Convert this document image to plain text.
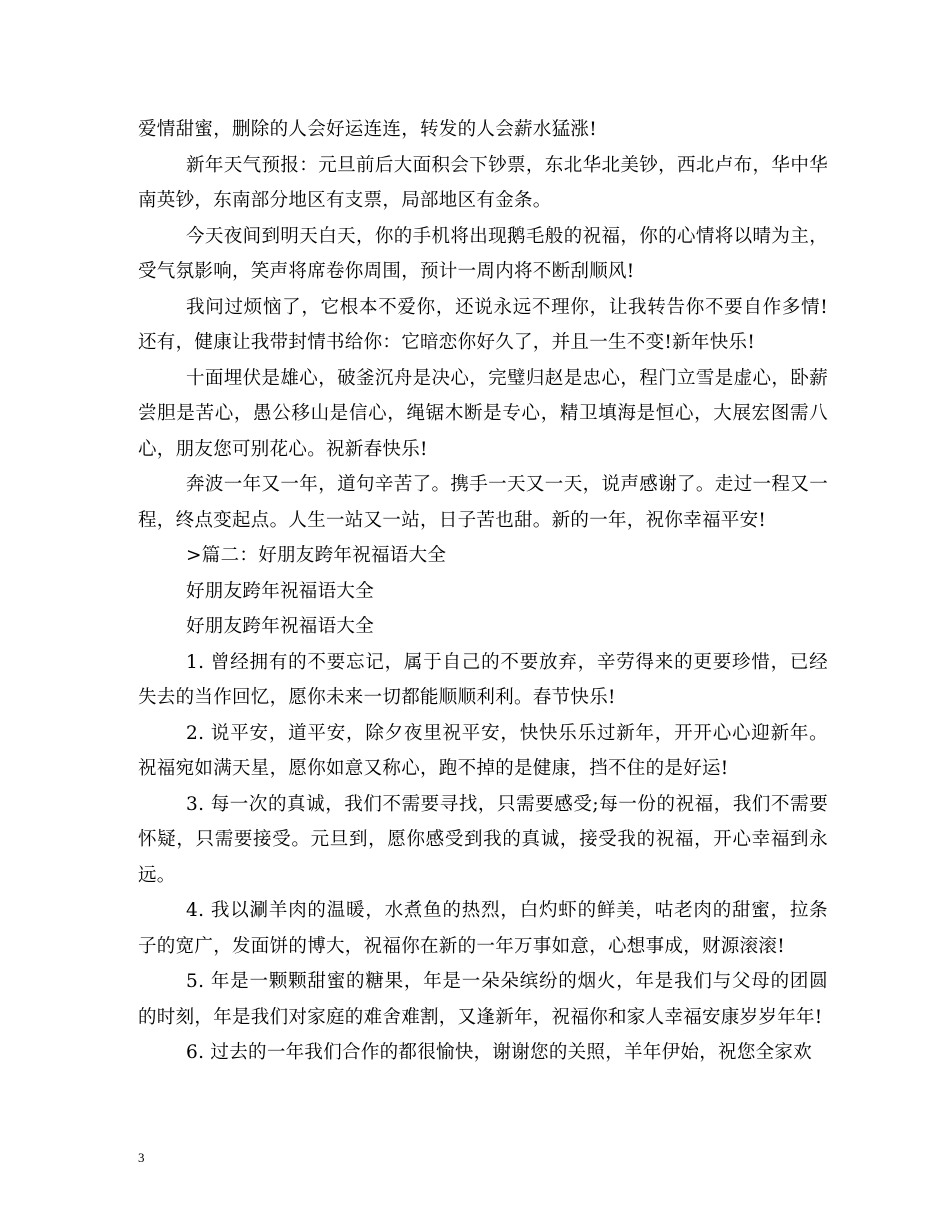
爱情甜蜜，删除的人会好运连连，转发的人会薪水猛涨!

新年天气预报：元旦前后大面积会下钞票，东北华北美钞，西北卢布，华中华南英钞，东南部分地区有支票，局部地区有金条。

今天夜间到明天白天，你的手机将出现鹅毛般的祝福，你的心情将以晴为主，受气氛影响，笑声将席卷你周围，预计一周内将不断刮顺风!

我问过烦恼了，它根本不爱你，还说永远不理你，让我转告你不要自作多情!还有，健康让我带封情书给你：它暗恋你好久了，并且一生不变!新年快乐!

十面埋伏是雄心，破釜沉舟是决心，完璧归赵是忠心，程门立雪是虚心，卧薪尝胆是苦心，愚公移山是信心，绳锯木断是专心，精卫填海是恒心，大展宏图需八心，朋友您可别花心。祝新春快乐!

奔波一年又一年，道句辛苦了。携手一天又一天，说声感谢了。走过一程又一程，终点变起点。人生一站又一站，日子苦也甜。新的一年，祝你幸福平安!

>篇二：好朋友跨年祝福语大全

好朋友跨年祝福语大全

好朋友跨年祝福语大全

1. 曾经拥有的不要忘记，属于自己的不要放弃，辛劳得来的更要珍惜，已经失去的当作回忆，愿你未来一切都能顺顺利利。春节快乐!

2. 说平安，道平安，除夕夜里祝平安，快快乐乐过新年，开开心心迎新年。祝福宛如满天星，愿你如意又称心，跑不掉的是健康，挡不住的是好运!

3. 每一次的真诚，我们不需要寻找，只需要感受;每一份的祝福，我们不需要怀疑，只需要接受。元旦到，愿你感受到我的真诚，接受我的祝福，开心幸福到永远。

4. 我以涮羊肉的温暖，水煮鱼的热烈，白灼虾的鲜美，咕老肉的甜蜜，拉条子的宽广，发面饼的博大，祝福你在新的一年万事如意，心想事成，财源滚滚!

5. 年是一颗颗甜蜜的糖果，年是一朵朵缤纷的烟火，年是我们与父母的团圆的时刻，年是我们对家庭的难舍难割，又逢新年，祝福你和家人幸福安康岁岁年年!

6. 过去的一年我们合作的都很愉快，谢谢您的关照，羊年伊始，祝您全家欢

3
